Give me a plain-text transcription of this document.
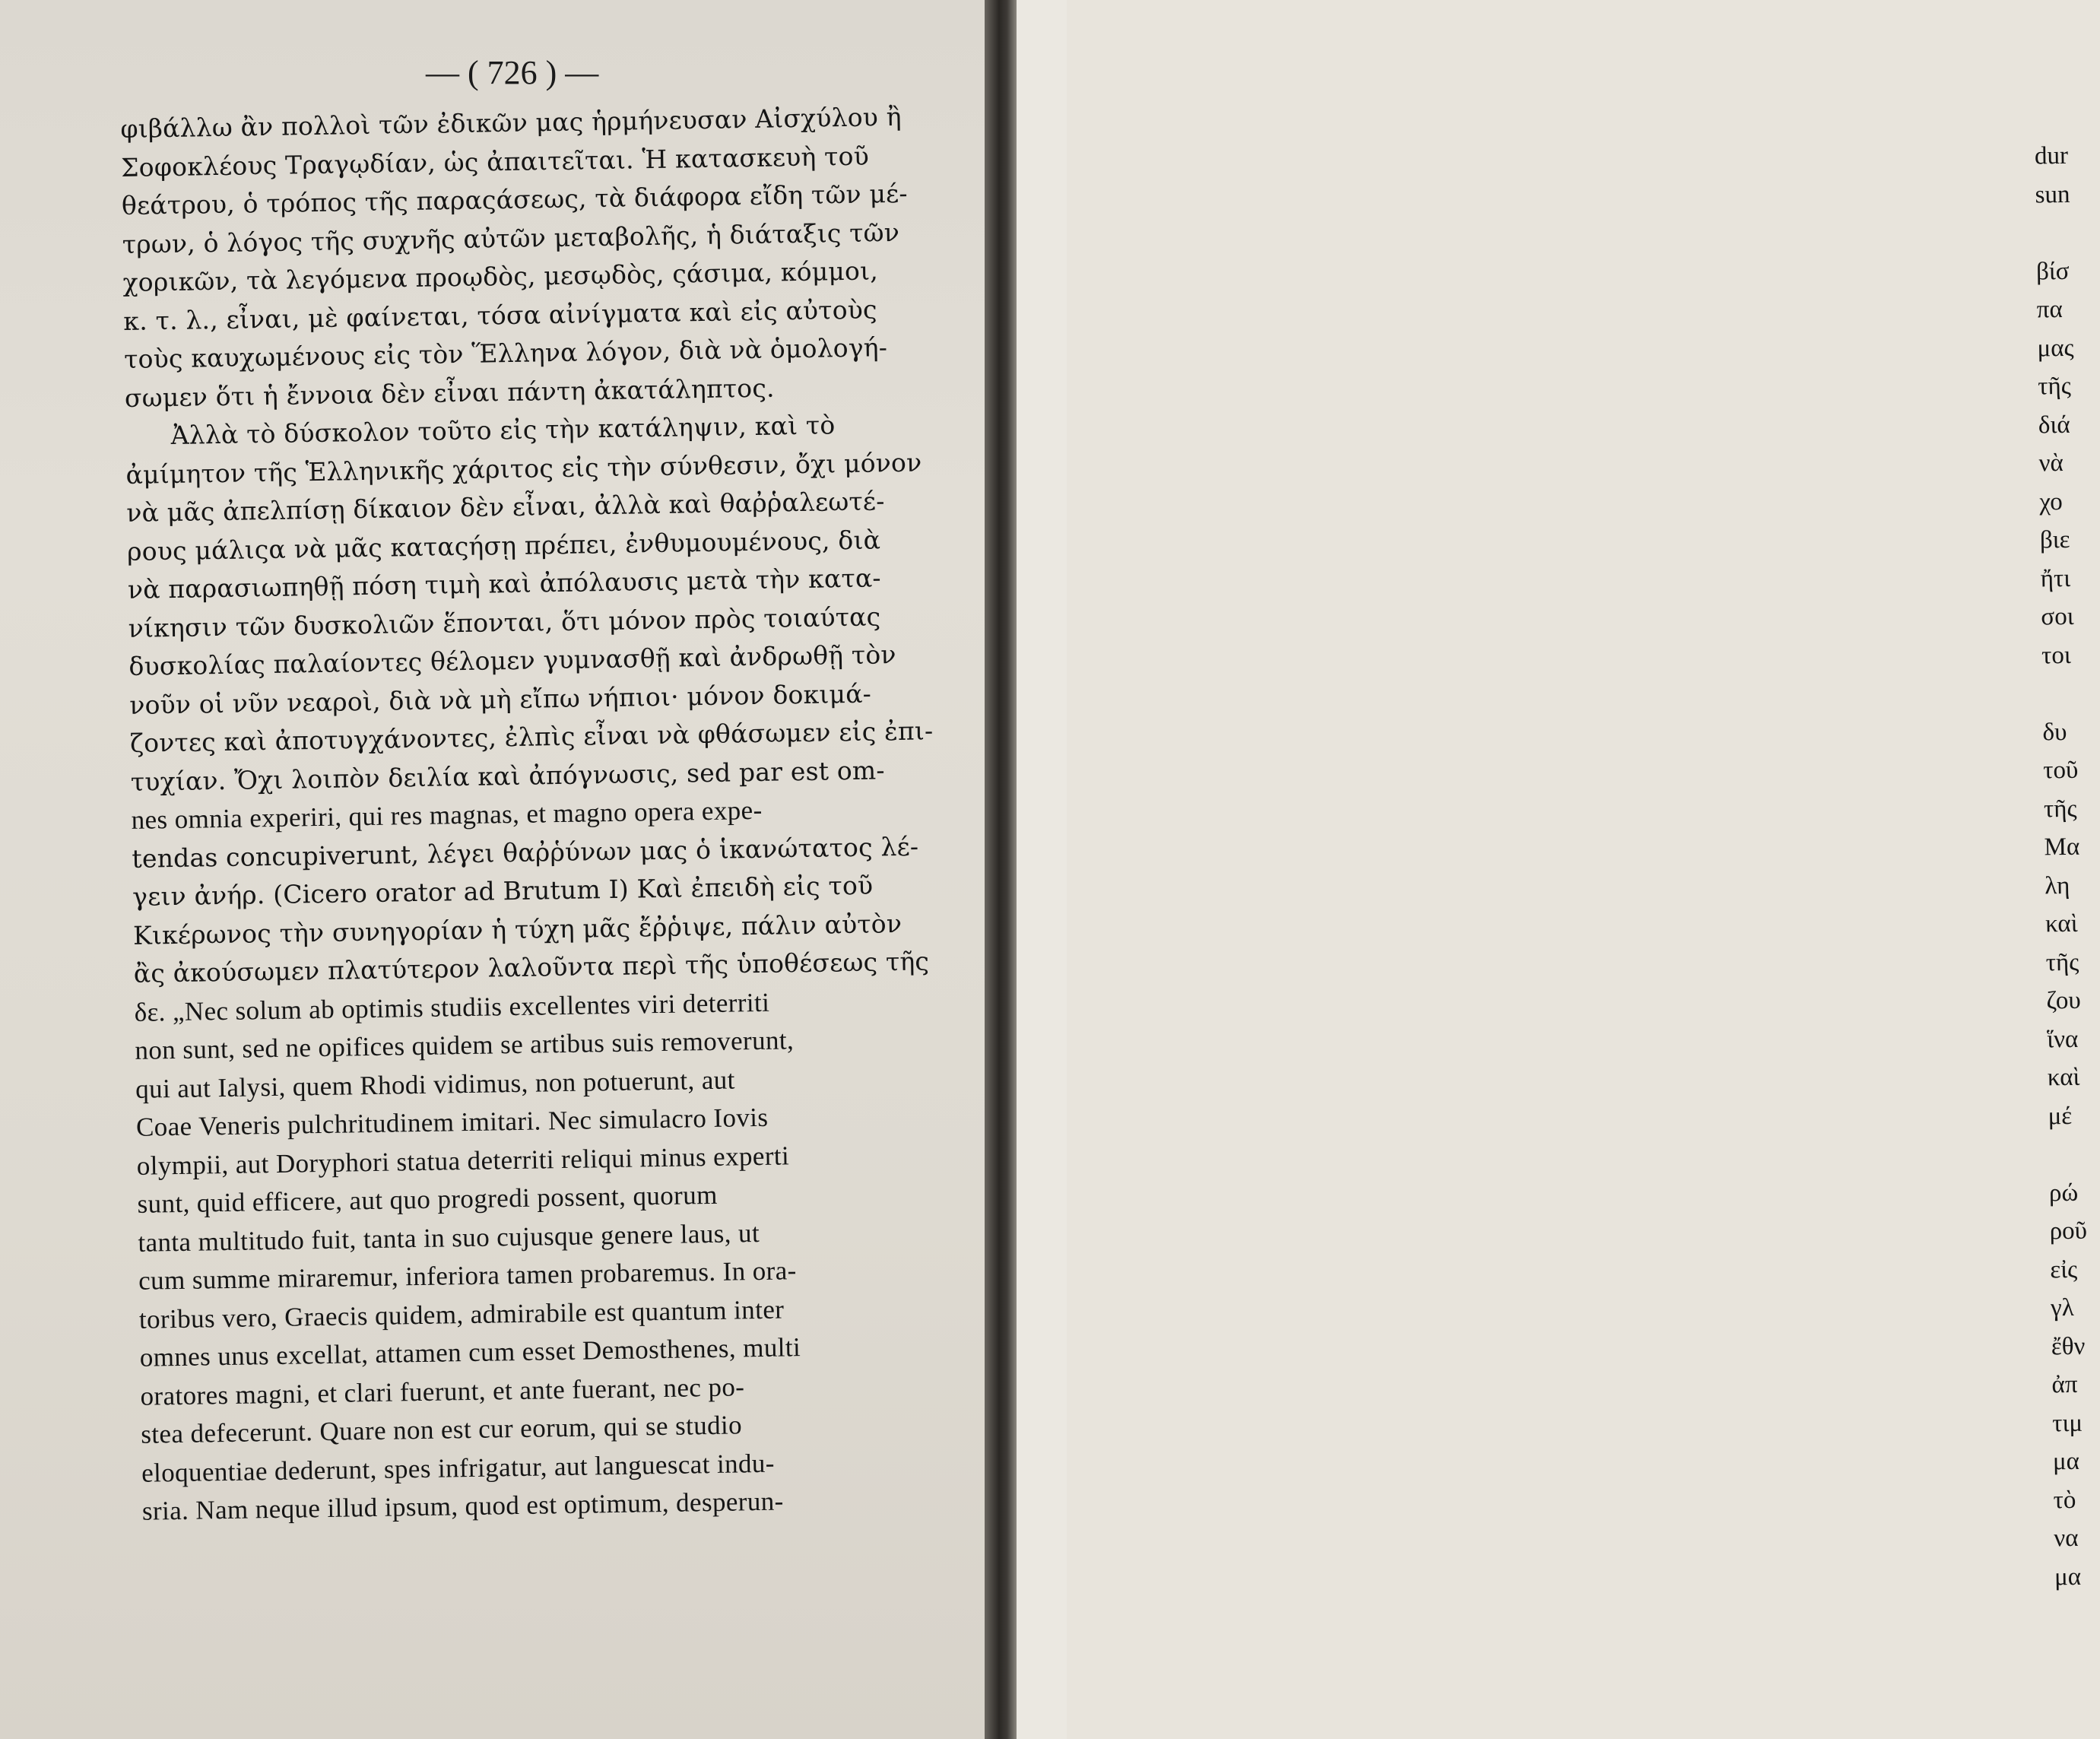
— ( 726 ) —
φιβάλλω ἂν πολλοὶ τῶν ἐδικῶν μας ἡρμήνευσαν Αἰσχύλου ἢ
Σοφοκλέους Τραγῳδίαν, ὡς ἀπαιτεῖται. Ἡ κατασκευὴ τοῦ
θεάτρου, ὁ τρόπος τῆς παραςάσεως, τὰ διάφορα εἴδη τῶν μέ-
τρων, ὁ λόγος τῆς συχνῆς αὐτῶν μεταβολῆς, ἡ διάταξις τῶν
χορικῶν, τὰ λεγόμενα προῳδὸς, μεσῳδὸς, ςάσιμα, κόμμοι,
κ. τ. λ., εἶναι, μὲ φαίνεται, τόσα αἰνίγματα καὶ εἰς αὐτοὺς
τοὺς καυχωμένους εἰς τὸν Ἕλληνα λόγον, διὰ νὰ ὁμολογή-
σωμεν ὅτι ἡ ἔννοια δὲν εἶναι πάντη ἀκατάληπτος.
Ἀλλὰ τὸ δύσκολον τοῦτο εἰς τὴν κατάληψιν, καὶ τὸ
ἀμίμητον τῆς Ἑλληνικῆς χάριτος εἰς τὴν σύνθεσιν, ὄχι μόνον
νὰ μᾶς ἀπελπίσῃ δίκαιον δὲν εἶναι, ἀλλὰ καὶ θαῤῥαλεωτέ-
ρους μάλιςα νὰ μᾶς καταςήσῃ πρέπει, ἐνθυμουμένους, διὰ
νὰ παρασιωπηθῇ πόση τιμὴ καὶ ἀπόλαυσις μετὰ τὴν κατα-
νίκησιν τῶν δυσκολιῶν ἕπονται, ὅτι μόνον πρὸς τοιαύτας
δυσκολίας παλαίοντες θέλομεν γυμνασθῇ καὶ ἀνδρωθῇ τὸν
νοῦν οἱ νῦν νεαροὶ, διὰ νὰ μὴ εἴπω νήπιοι· μόνον δοκιμά-
ζοντες καὶ ἀποτυγχάνοντες, ἐλπὶς εἶναι νὰ φθάσωμεν εἰς ἐπι-
τυχίαν. Ὄχι λοιπὸν δειλία καὶ ἀπόγνωσις, sed par est om-
nes omnia experiri, qui res magnas, et magno opera expe-
tendas concupiverunt, λέγει θαῤῥύνων μας ὁ ἱκανώτατος λέ-
γειν ἀνήρ. (Cicero orator ad Brutum I) Καὶ ἐπειδὴ εἰς τοῦ
Κικέρωνος τὴν συνηγορίαν ἡ τύχη μᾶς ἔῤῥιψε, πάλιν αὐτὸν
ἂς ἀκούσωμεν πλατύτερον λαλοῦντα περὶ τῆς ὑποθέσεως τῆς
δε. „Nec solum ab optimis studiis excellentes viri deterriti
non sunt, sed ne opifices quidem se artibus suis removerunt,
qui aut Ialysi, quem Rhodi vidimus, non potuerunt, aut
Coae Veneris pulchritudinem imitari. Nec simulacro Iovis
olympii, aut Doryphori statua deterriti reliqui minus experti
sunt, quid efficere, aut quo progredi possent, quorum
tanta multitudo fuit, tanta in suo cujusque genere laus, ut
cum summe miraremur, inferiora tamen probaremus. In ora-
toribus vero, Graecis quidem, admirabile est quantum inter
omnes unus excellat, attamen cum esset Demosthenes, multi
oratores magni, et clari fuerunt, et ante fuerant, nec po-
stea defecerunt. Quare non est cur eorum, qui se studio
eloquentiae dederunt, spes infrigatur, aut languescat indu-
sria. Nam neque illud ipsum, quod est optimum, desperun-
dur
sun

βίσ
πα
μας
τῆς
διά
νὰ
χο
βιε
ἤτι
σοι
τοι

δυ
τοῦ
τῆς
Μα
λη
καὶ
τῆς
ζου
ἵνα
καὶ
μέ

ρώ
ροῦ
εἰς
γλ
ἔθν
ἀπ
τιμ
μα
τὸ
να
μα
